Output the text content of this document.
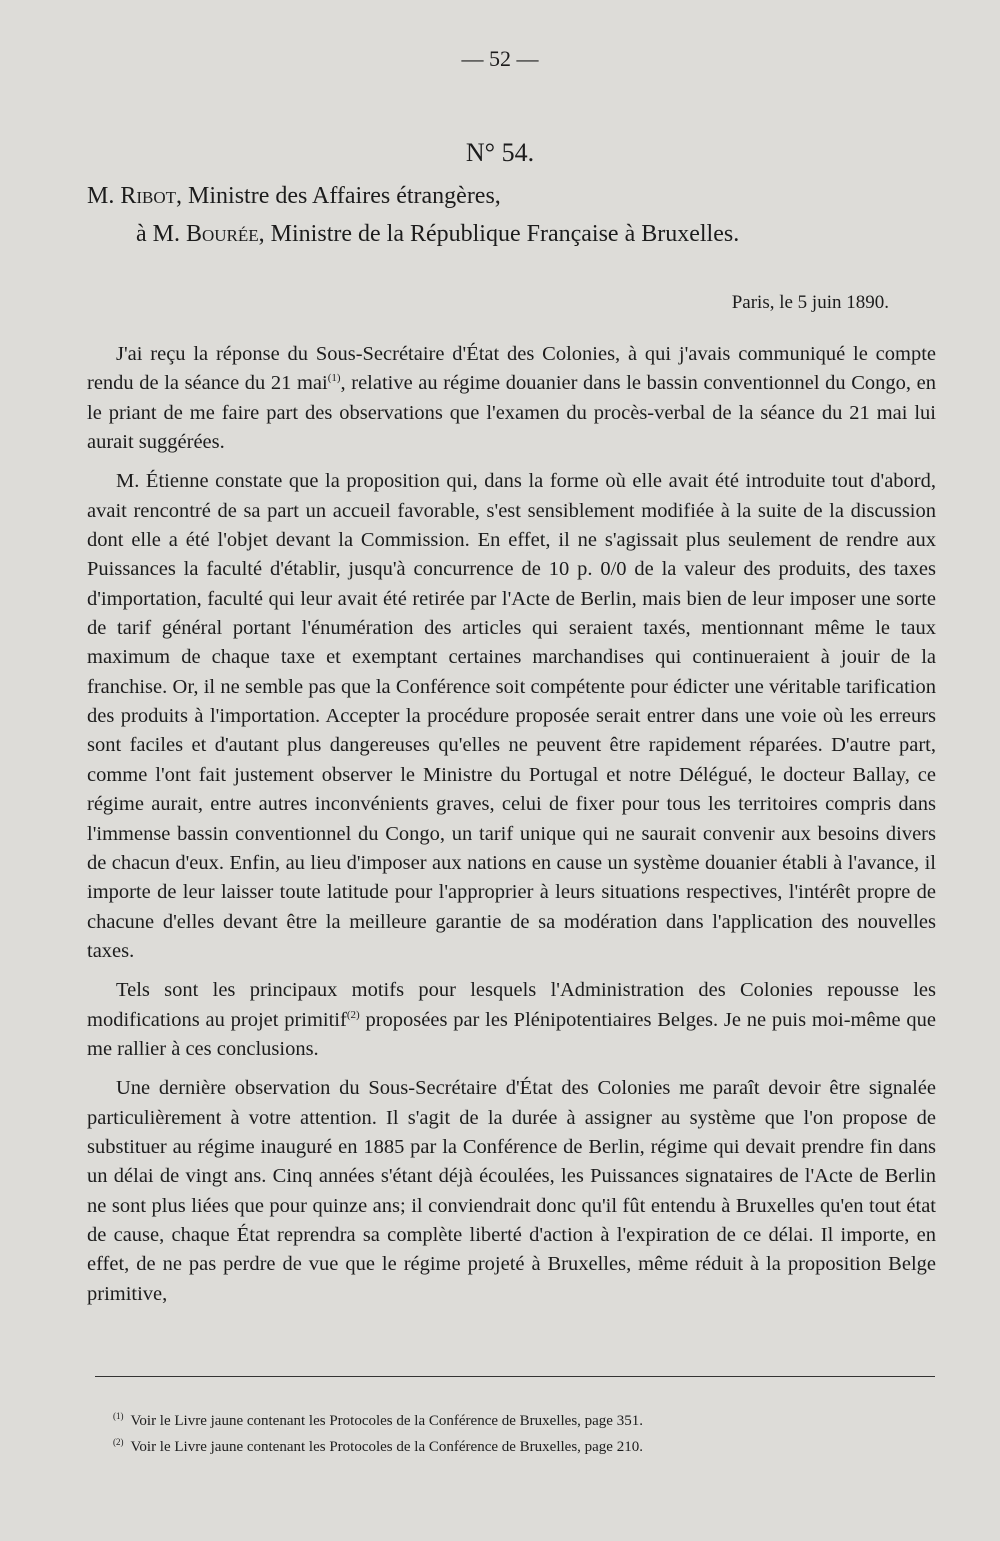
— 52 —
N° 54.
M. Ribot, Ministre des Affaires étrangères,
à M. Bourée, Ministre de la République Française à Bruxelles.
Paris, le 5 juin 1890.

J'ai reçu la réponse du Sous-Secrétaire d'État des Colonies, à qui j'avais communiqué le compte rendu de la séance du 21 mai$^{(1)}$, relative au régime douanier dans le bassin conventionnel du Congo, en le priant de me faire part des observations que l'examen du procès-verbal de la séance du 21 mai lui aurait suggérées.

M. Étienne constate que la proposition qui, dans la forme où elle avait été introduite tout d'abord, avait rencontré de sa part un accueil favorable, s'est sensiblement modifiée à la suite de la discussion dont elle a été l'objet devant la Commission. En effet, il ne s'agissait plus seulement de rendre aux Puissances la faculté d'établir, jusqu'à concurrence de 10 p. 0/0 de la valeur des produits, des taxes d'importation, faculté qui leur avait été retirée par l'Acte de Berlin, mais bien de leur imposer une sorte de tarif général portant l'énumération des articles qui seraient taxés, mentionnant même le taux maximum de chaque taxe et exemptant certaines marchandises qui continueraient à jouir de la franchise. Or, il ne semble pas que la Conférence soit compétente pour édicter une véritable tarification des produits à l'importation. Accepter la procédure proposée serait entrer dans une voie où les erreurs sont faciles et d'autant plus dangereuses qu'elles ne peuvent être rapidement réparées. D'autre part, comme l'ont fait justement observer le Ministre du Portugal et notre Délégué, le docteur Ballay, ce régime aurait, entre autres inconvénients graves, celui de fixer pour tous les territoires compris dans l'immense bassin conventionnel du Congo, un tarif unique qui ne saurait convenir aux besoins divers de chacun d'eux. Enfin, au lieu d'imposer aux nations en cause un système douanier établi à l'avance, il importe de leur laisser toute latitude pour l'approprier à leurs situations respectives, l'intérêt propre de chacune d'elles devant être la meilleure garantie de sa modération dans l'application des nouvelles taxes.

Tels sont les principaux motifs pour lesquels l'Administration des Colonies repousse les modifications au projet primitif$^{(2)}$ proposées par les Plénipotentiaires Belges. Je ne puis moi-même que me rallier à ces conclusions.

Une dernière observation du Sous-Secrétaire d'État des Colonies me paraît devoir être signalée particulièrement à votre attention. Il s'agit de la durée à assigner au système que l'on propose de substituer au régime inauguré en 1885 par la Conférence de Berlin, régime qui devait prendre fin dans un délai de vingt ans. Cinq années s'étant déjà écoulées, les Puissances signataires de l'Acte de Berlin ne sont plus liées que pour quinze ans; il conviendrait donc qu'il fût entendu à Bruxelles qu'en tout état de cause, chaque État reprendra sa complète liberté d'action à l'expiration de ce délai. Il importe, en effet, de ne pas perdre de vue que le régime projeté à Bruxelles, même réduit à la proposition Belge primitive,

$^{(1)}$ Voir le Livre jaune contenant les Protocoles de la Conférence de Bruxelles, page 351.
$^{(2)}$ Voir le Livre jaune contenant les Protocoles de la Conférence de Bruxelles, page 210.
